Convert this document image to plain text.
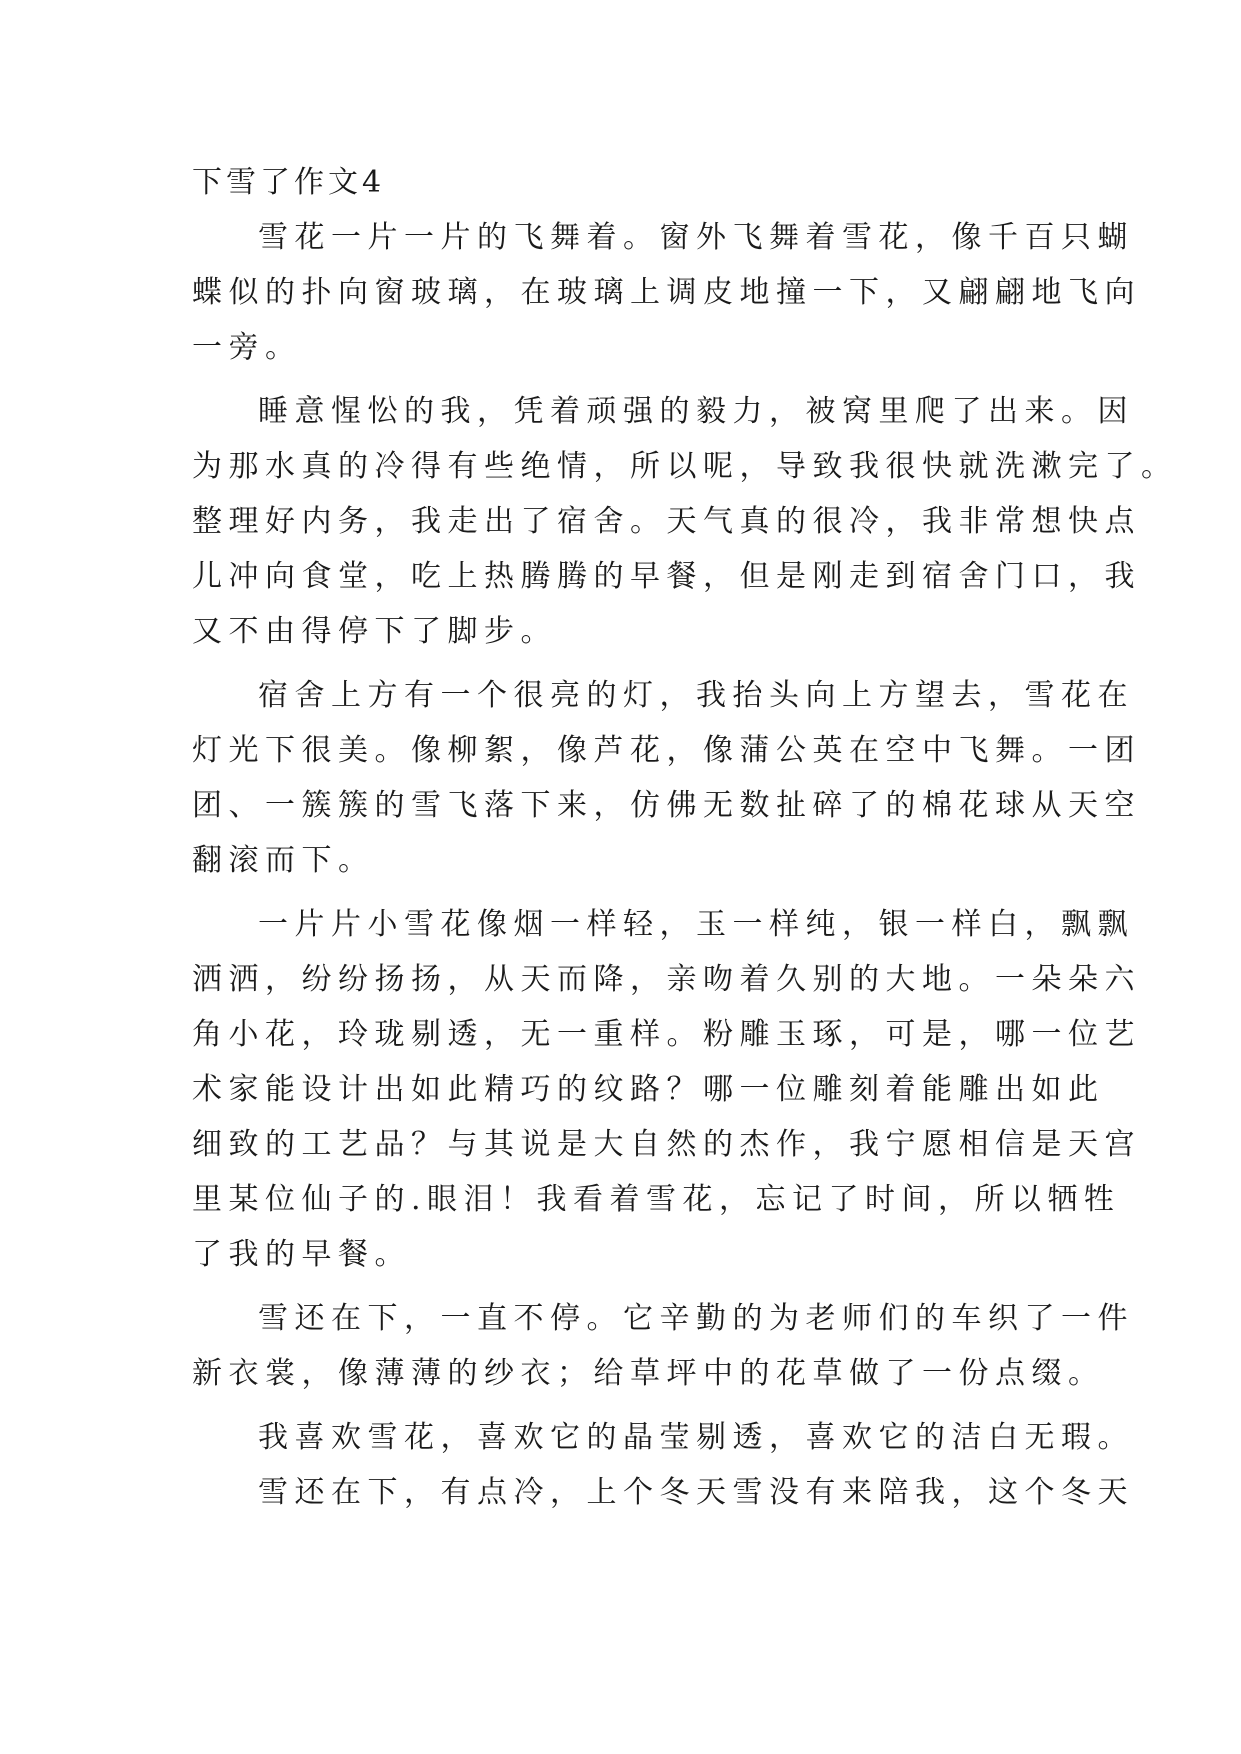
下雪了作文4
雪花一片一片的飞舞着。窗外飞舞着雪花，像千百只蝴
蝶似的扑向窗玻璃，在玻璃上调皮地撞一下，又翩翩地飞向
一旁。
睡意惺忪的我，凭着顽强的毅力，被窝里爬了出来。因
为那水真的冷得有些绝情，所以呢，导致我很快就洗漱完了。
整理好内务，我走出了宿舍。天气真的很冷，我非常想快点
儿冲向食堂，吃上热腾腾的早餐，但是刚走到宿舍门口，我
又不由得停下了脚步。
宿舍上方有一个很亮的灯，我抬头向上方望去，雪花在
灯光下很美。像柳絮，像芦花，像蒲公英在空中飞舞。一团
团、一簇簇的雪飞落下来，仿佛无数扯碎了的棉花球从天空
翻滚而下。
一片片小雪花像烟一样轻，玉一样纯，银一样白，飘飘
洒洒，纷纷扬扬，从天而降，亲吻着久别的大地。一朵朵六
角小花，玲珑剔透，无一重样。粉雕玉琢，可是，哪一位艺
术家能设计出如此精巧的纹路？哪一位雕刻着能雕出如此
细致的工艺品？与其说是大自然的杰作，我宁愿相信是天宫
里某位仙子的.眼泪！我看着雪花，忘记了时间，所以牺牲
了我的早餐。
雪还在下，一直不停。它辛勤的为老师们的车织了一件
新衣裳，像薄薄的纱衣；给草坪中的花草做了一份点缀。
我喜欢雪花，喜欢它的晶莹剔透，喜欢它的洁白无瑕。
雪还在下，有点冷，上个冬天雪没有来陪我，这个冬天
